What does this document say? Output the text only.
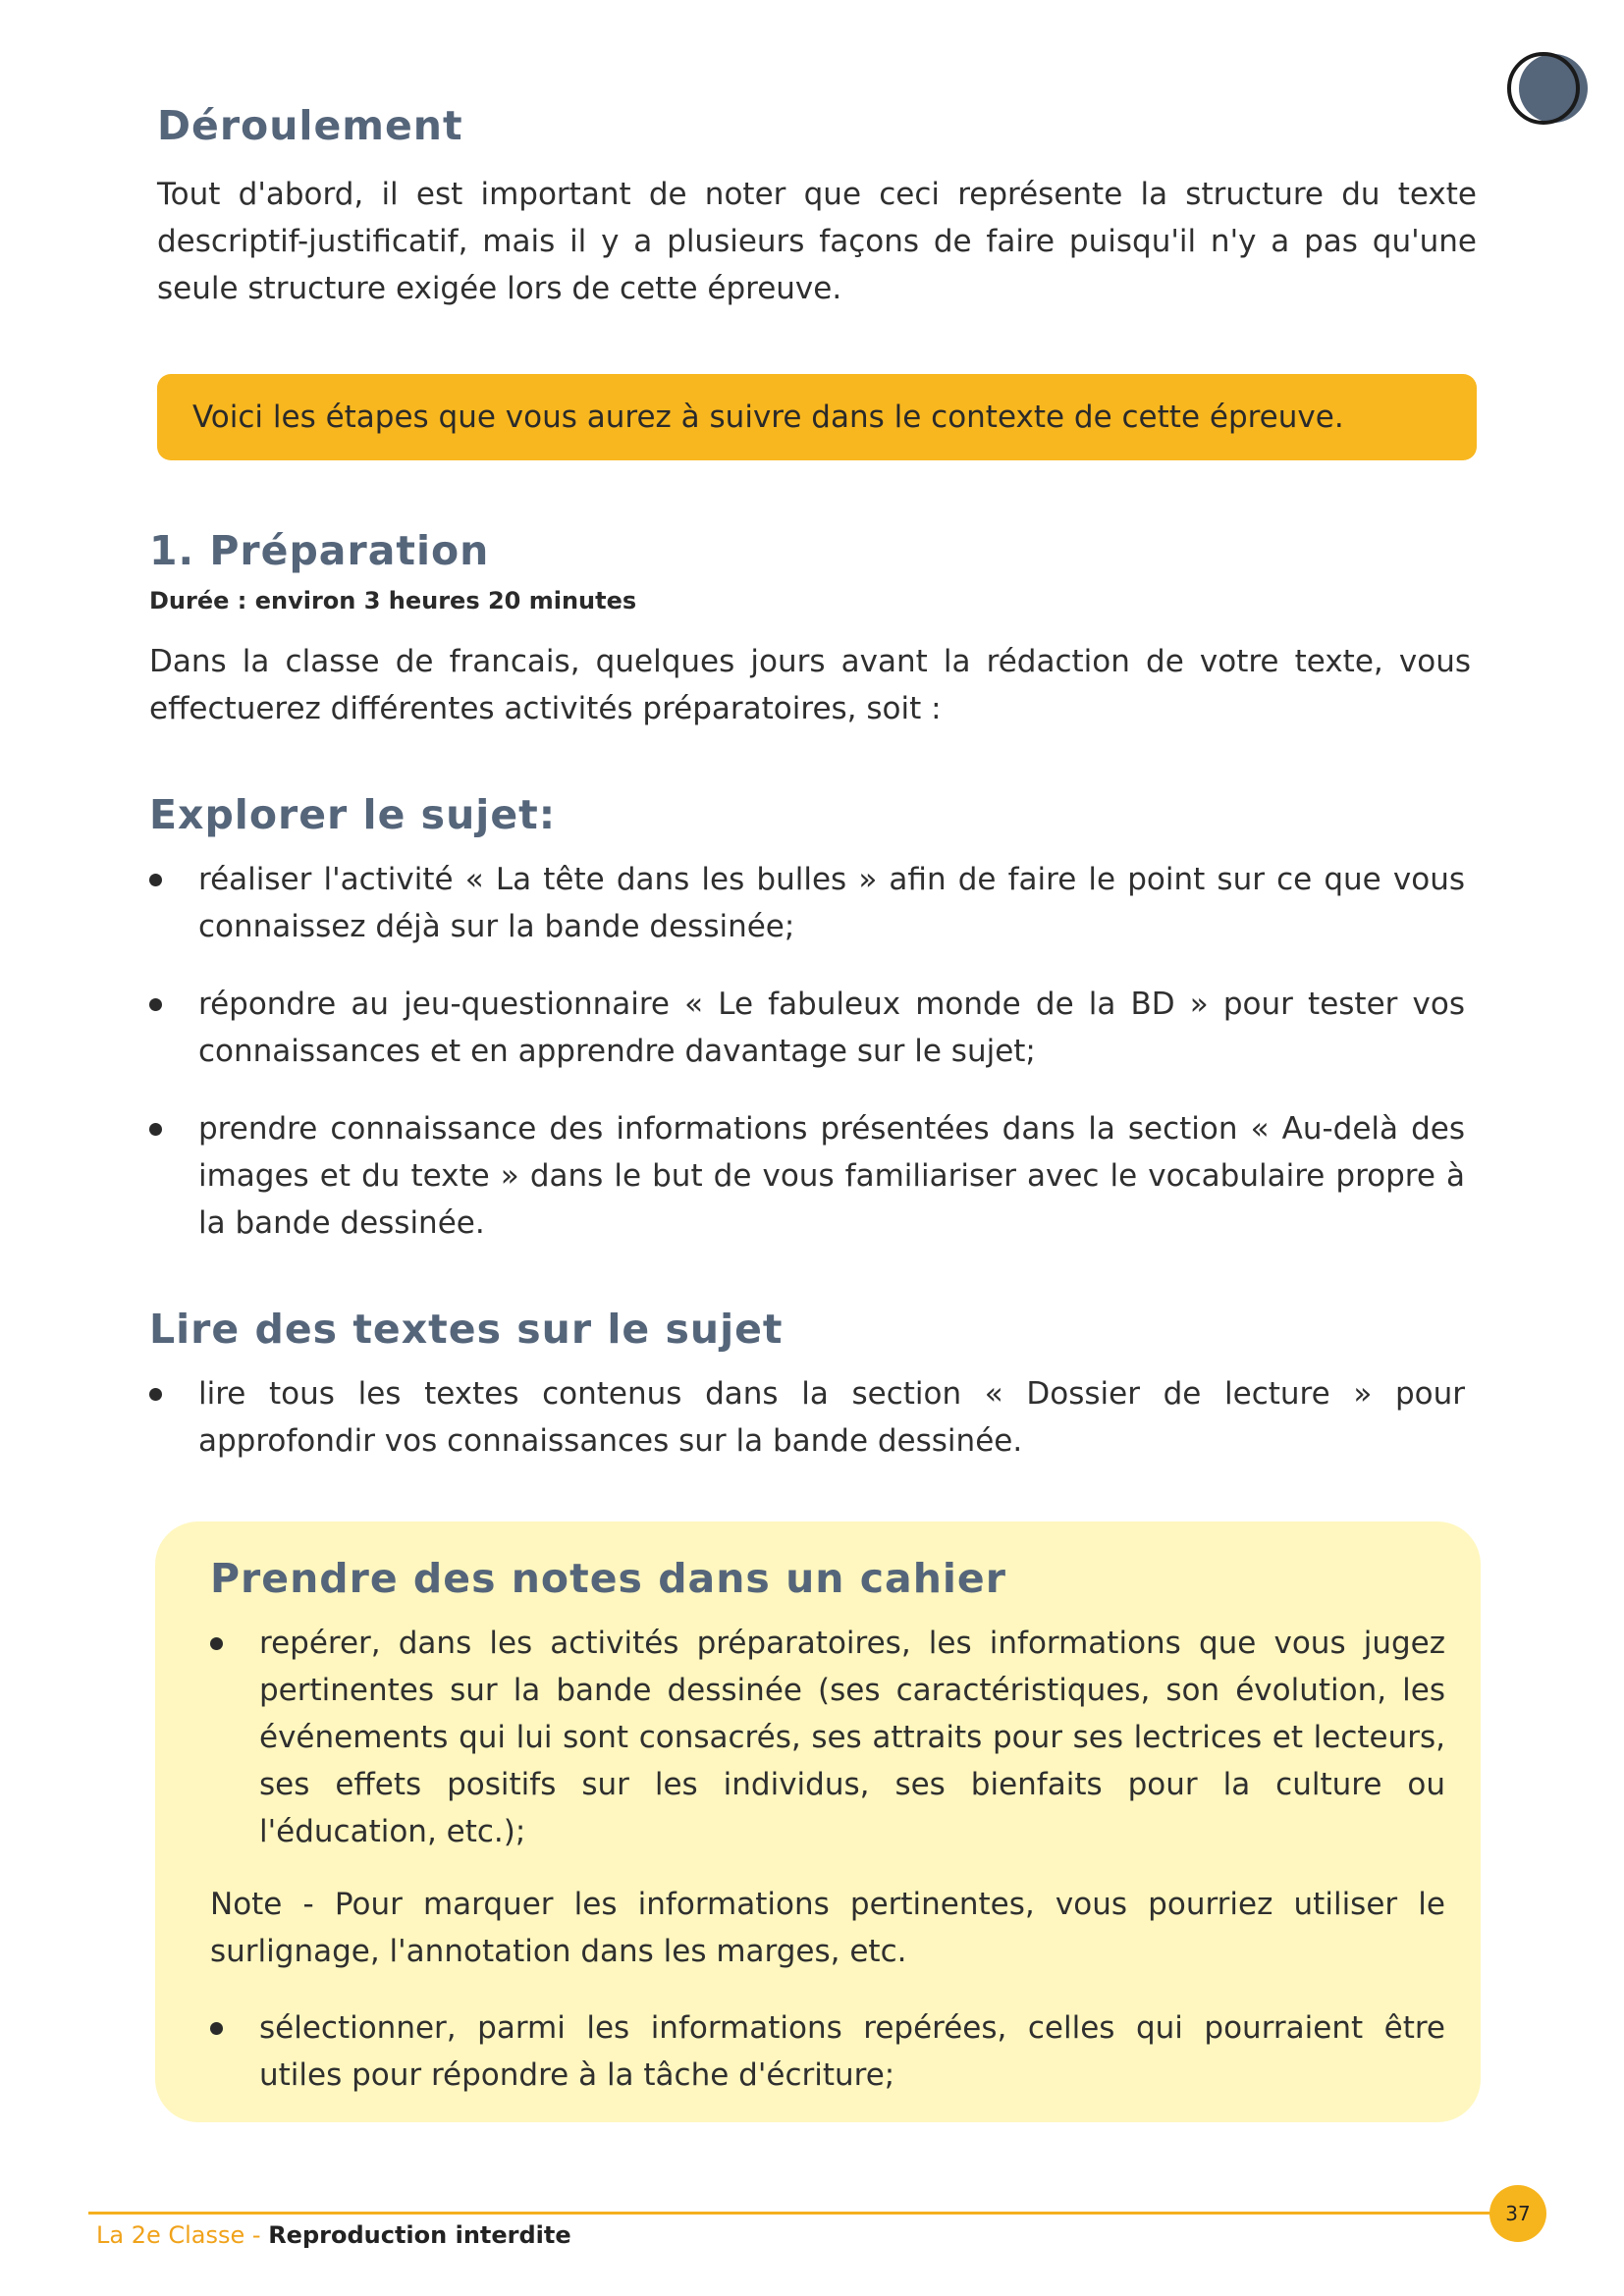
Déroulement

Tout d'abord, il est important de noter que ceci représente la structure du texte descriptif-justificatif, mais il y a plusieurs façons de faire puisqu'il n'y a pas qu'une seule structure exigée lors de cette épreuve.

Voici les étapes que vous aurez à suivre dans le contexte de cette épreuve.
1. Préparation

Durée : environ 3 heures 20 minutes

Dans la classe de francais, quelques jours avant la rédaction de votre texte, vous effectuerez différentes activités préparatoires, soit :

Explorer le sujet:
réaliser l'activité « La tête dans les bulles » afin de faire le point sur ce que vous connaissez déjà sur la bande dessinée;
répondre au jeu-questionnaire « Le fabuleux monde de la BD » pour tester vos connaissances et en apprendre davantage sur le sujet;
prendre connaissance des informations présentées dans la section « Au-delà des images et du texte » dans le but de vous familiariser avec le vocabulaire propre à la bande dessinée.
Lire des textes sur le sujet
lire tous les textes contenus dans la section « Dossier de lecture » pour approfondir vos connaissances sur la bande dessinée.
Prendre des notes dans un cahier
repérer, dans les activités préparatoires, les informations que vous jugez pertinentes sur la bande dessinée (ses caractéristiques, son évolution, les événements qui lui sont consacrés, ses attraits pour ses lectrices et lecteurs, ses effets positifs sur les individus, ses bienfaits pour la culture ou l'éducation, etc.);

Note - Pour marquer les informations pertinentes, vous pourriez utiliser le surlignage, l'annotation dans les marges, etc.

sélectionner, parmi les informations repérées, celles qui pourraient être utiles pour répondre à la tâche d'écriture;
37

La 2e Classe - Reproduction interdite
